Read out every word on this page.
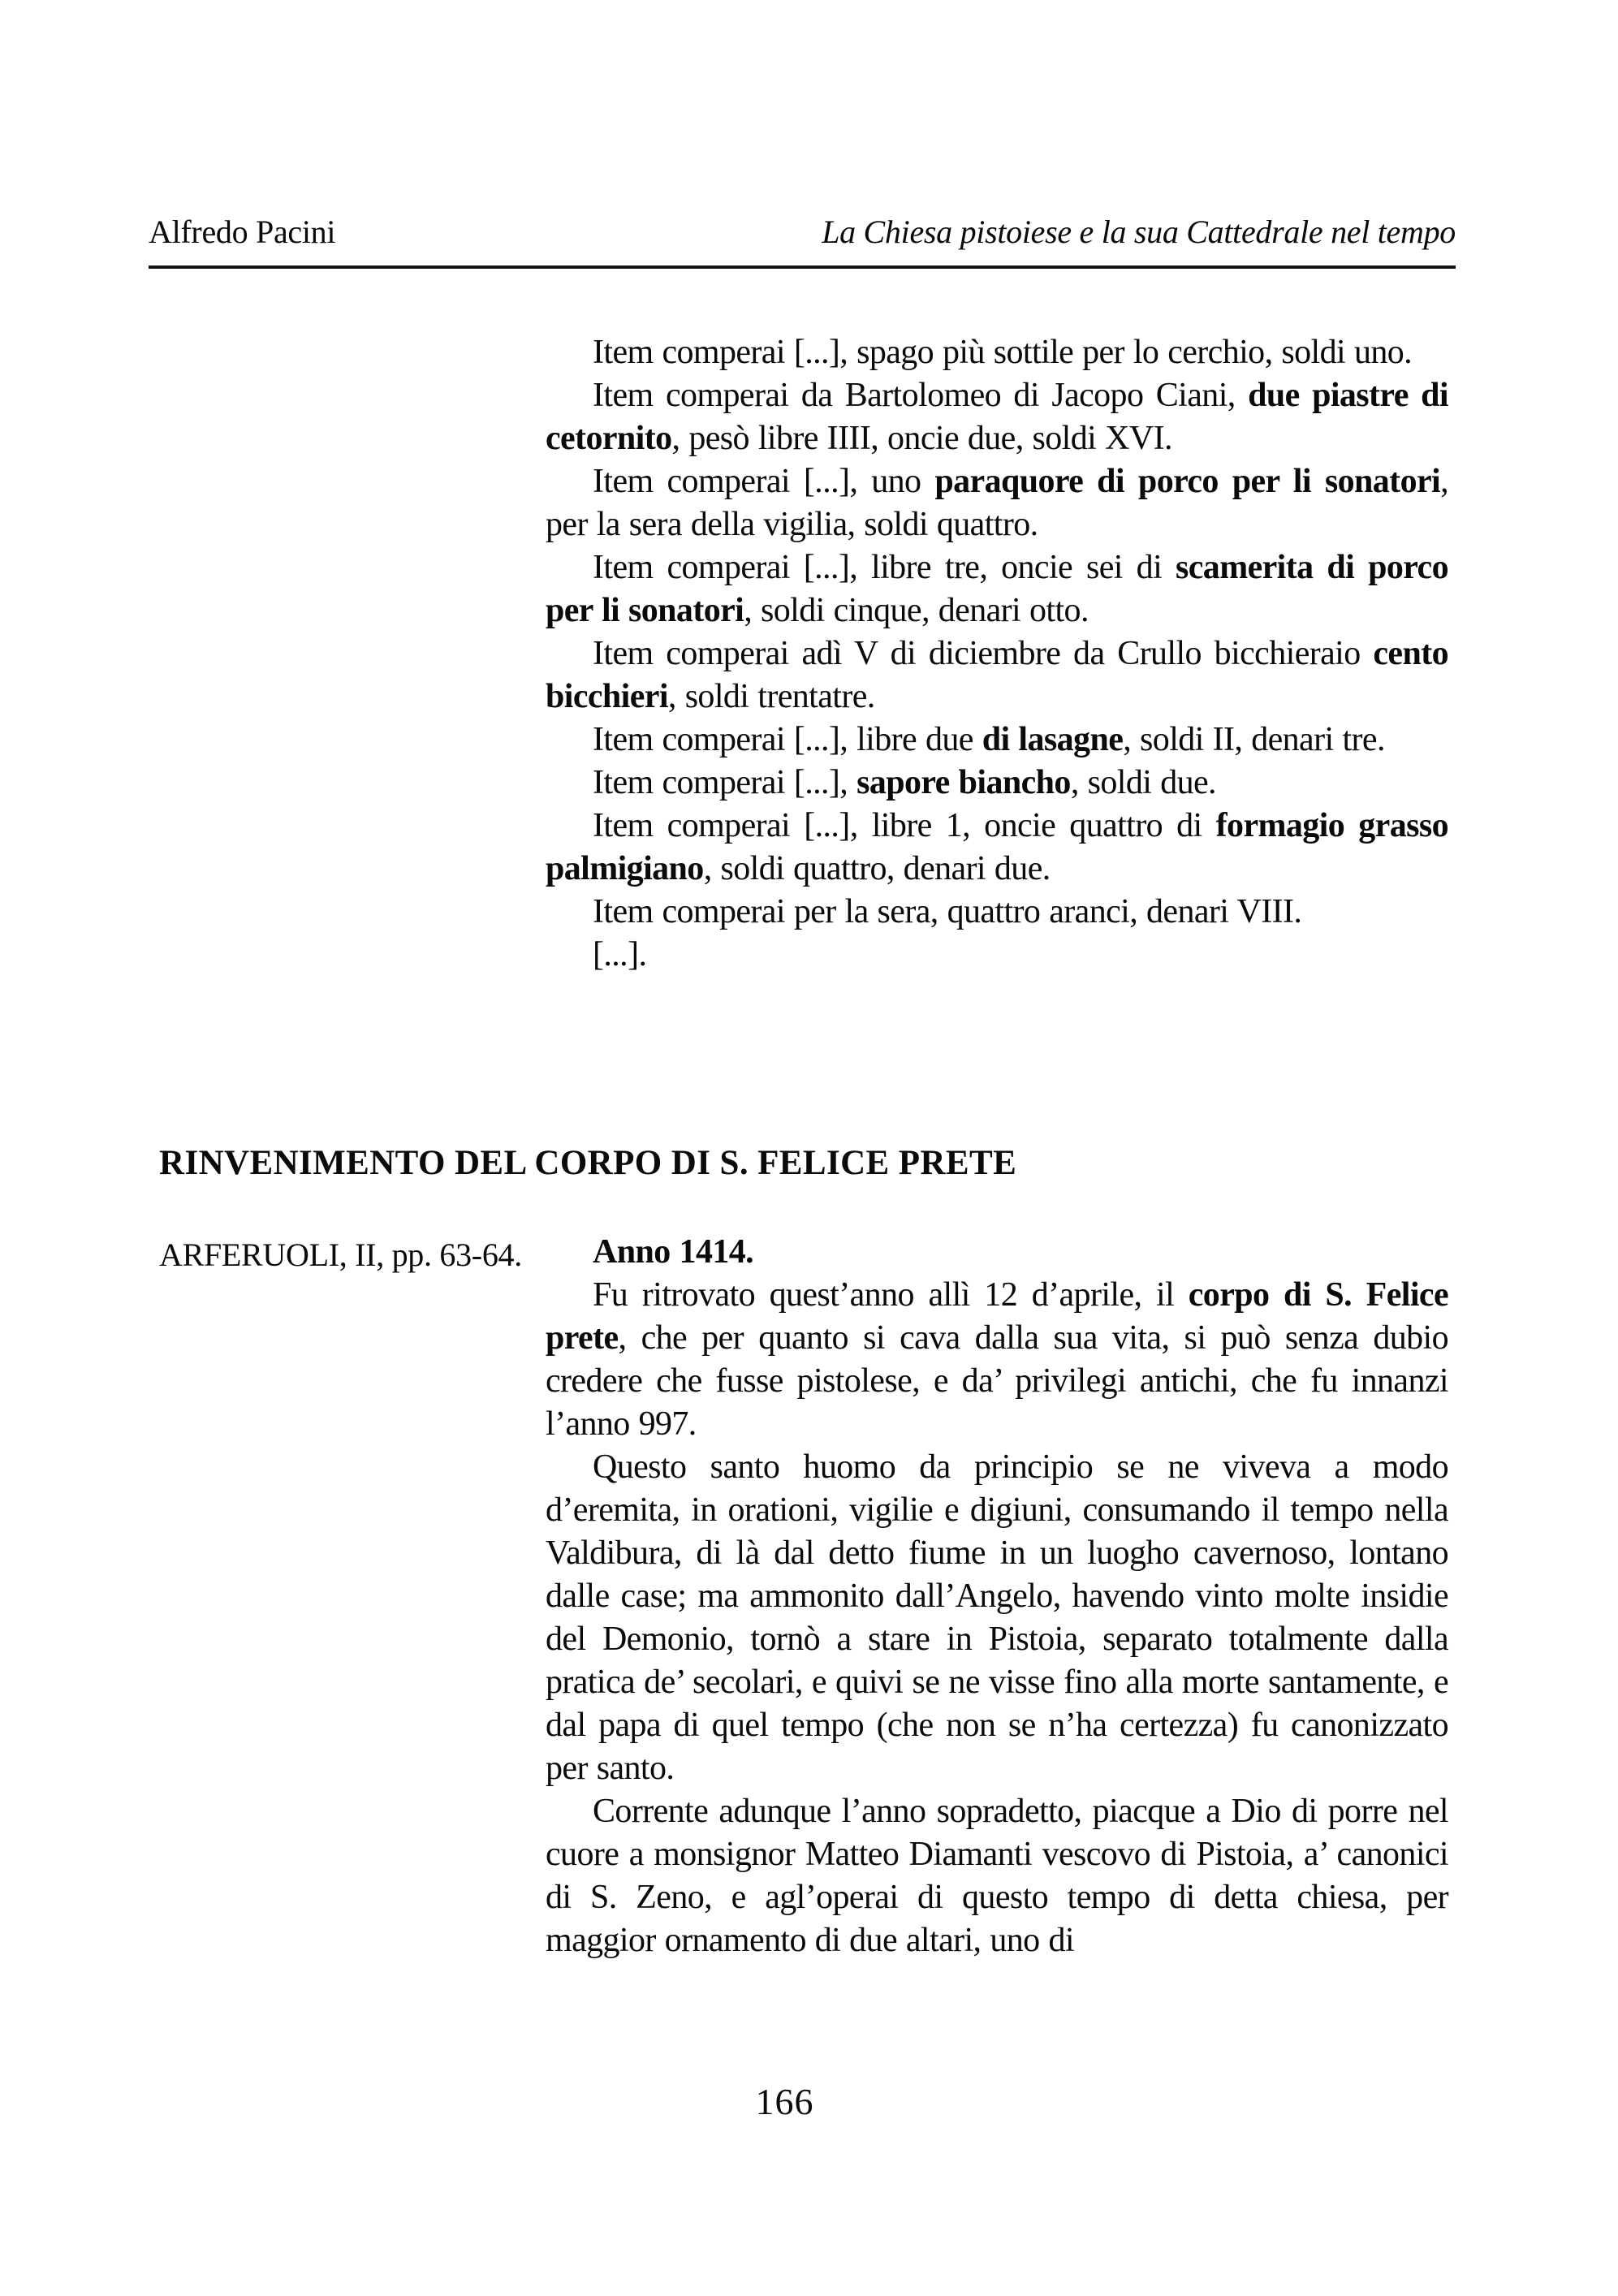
Alfredo Pacini	La Chiesa pistoiese e la sua Cattedrale nel tempo

Item comperai [...], spago più sottile per lo cerchio, soldi uno.

Item comperai da Bartolomeo di Jacopo Ciani, due piastre di cetornito, pesò libre IIII, oncie due, soldi XVI.

Item comperai [...], uno paraquore di porco per li sonatori, per la sera della vigilia, soldi quattro.

Item comperai [...], libre tre, oncie sei di scamerita di porco per li sonatori, soldi cinque, denari otto.

Item comperai adì V di diciembre da Crullo bicchieraio cento bicchieri, soldi trentatre.

Item comperai [...], libre due di lasagne, soldi II, denari tre.

Item comperai [...], sapore biancho, soldi due.

Item comperai [...], libre 1, oncie quattro di formagio grasso palmigiano, soldi quattro, denari due.

Item comperai per la sera, quattro aranci, denari VIII.

[...].

RINVENIMENTO DEL CORPO DI S. FELICE PRETE
ARFERUOLI, II, pp. 63-64.	Anno 1414.

Fu ritrovato quest’anno allì 12 d’aprile, il corpo di S. Felice prete, che per quanto si cava dalla sua vita, si può senza dubio credere che fusse pistolese, e da’ privilegi antichi, che fu innanzi l’anno 997.

Questo santo huomo da principio se ne viveva a modo d’eremita, in orationi, vigilie e digiuni, consumando il tempo nella Valdibura, di là dal detto fiume in un luogho cavernoso, lontano dalle case; ma ammonito dall’Angelo, havendo vinto molte insidie del Demonio, tornò a stare in Pistoia, separato totalmente dalla pratica de’ secolari, e quivi se ne visse fino alla morte santamente, e dal papa di quel tempo (che non se n’ha certezza) fu canonizzato per santo.

Corrente adunque l’anno sopradetto, piacque a Dio di porre nel cuore a monsignor Matteo Diamanti vescovo di Pistoia, a’ canonici di S. Zeno, e agl’operai di questo tempo di detta chiesa, per maggior ornamento di due altari, uno di

166
